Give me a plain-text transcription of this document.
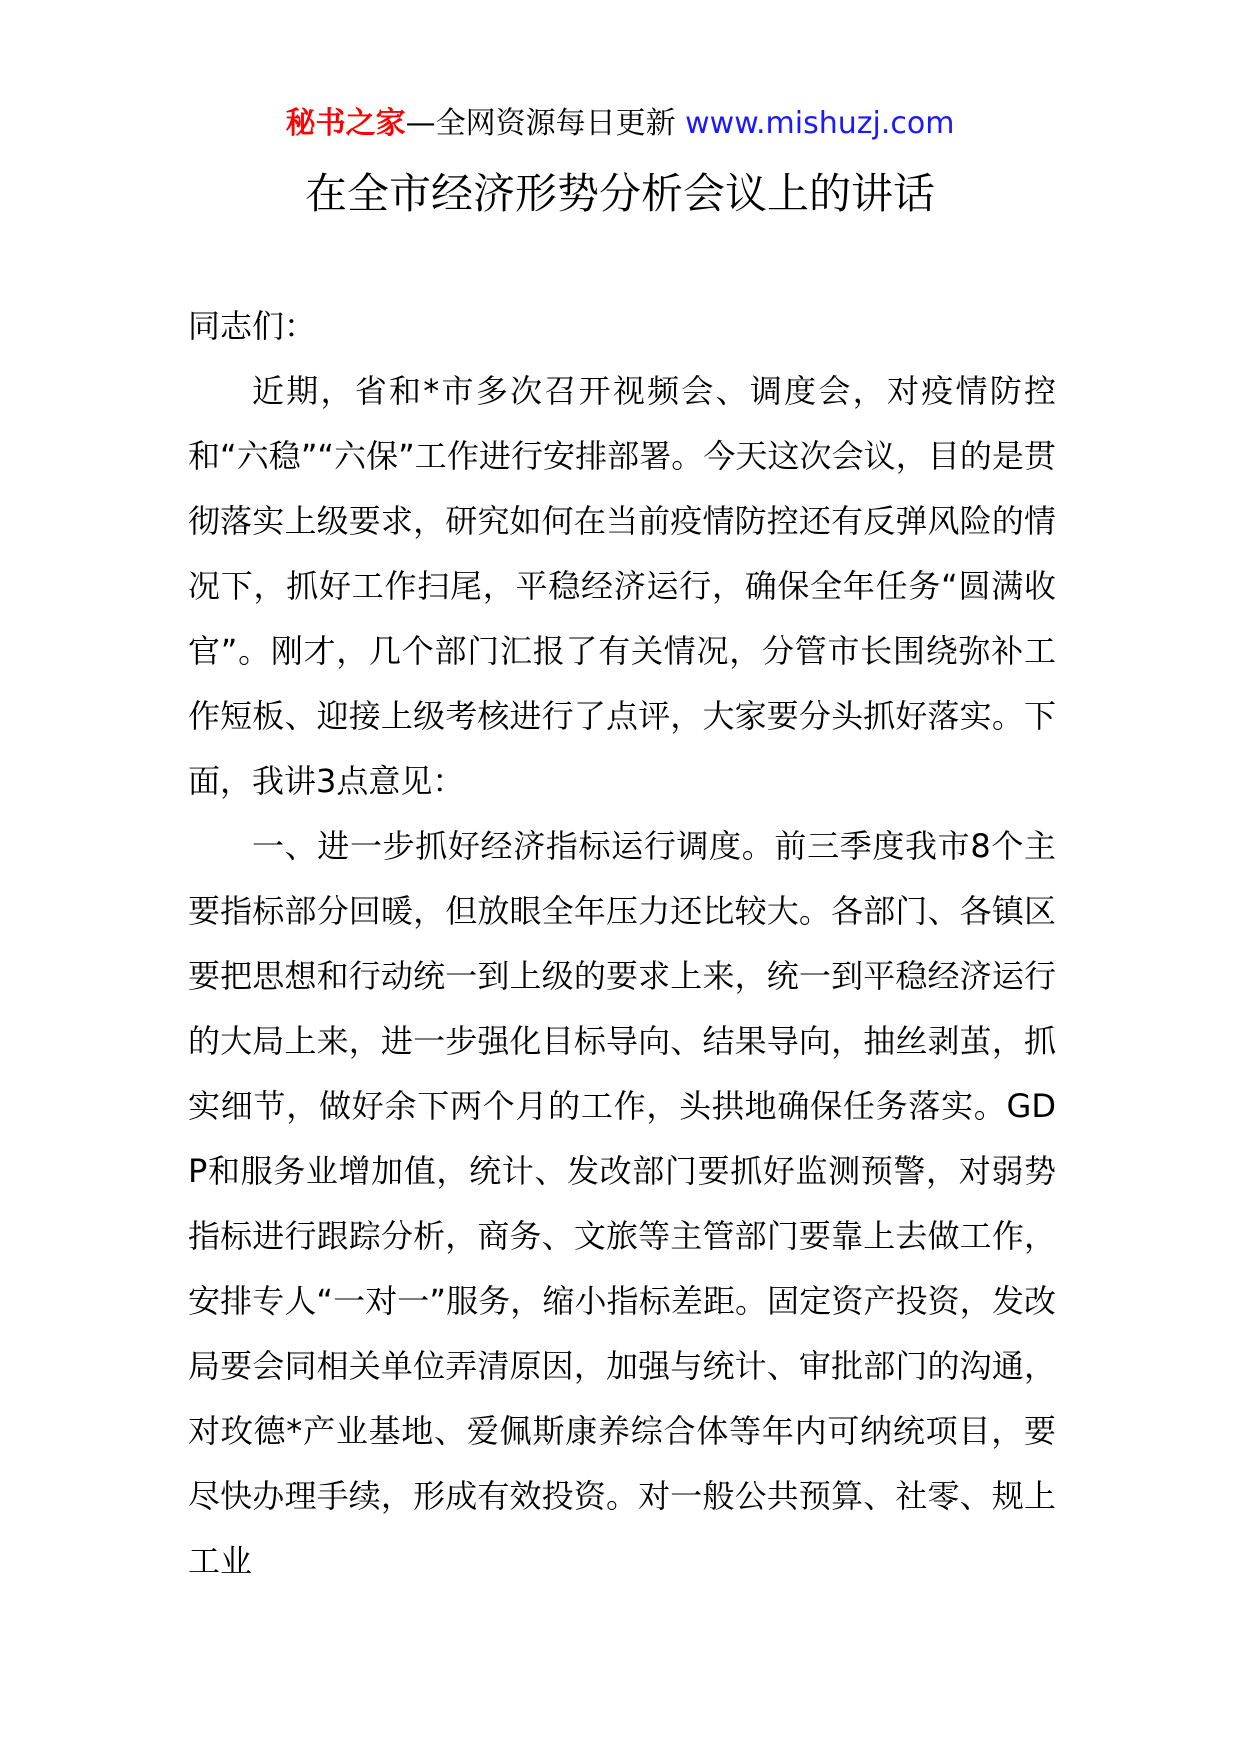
秘书之家—全网资源每日更新 www.mishuzj.com
在全市经济形势分析会议上的讲话

同志们：

近期，省和*市多次召开视频会、调度会，对疫情防控和“六稳”“六保”工作进行安排部署。今天这次会议，目的是贯彻落实上级要求，研究如何在当前疫情防控还有反弹风险的情况下，抓好工作扫尾，平稳经济运行，确保全年任务“圆满收官”。刚才，几个部门汇报了有关情况，分管市长围绕弥补工作短板、迎接上级考核进行了点评，大家要分头抓好落实。下面，我讲3点意见：

一、进一步抓好经济指标运行调度。前三季度我市8个主要指标部分回暖，但放眼全年压力还比较大。各部门、各镇区要把思想和行动统一到上级的要求上来，统一到平稳经济运行的大局上来，进一步强化目标导向、结果导向，抽丝剥茧，抓实细节，做好余下两个月的工作，头拱地确保任务落实。GDP和服务业增加值，统计、发改部门要抓好监测预警，对弱势指标进行跟踪分析，商务、文旅等主管部门要靠上去做工作，安排专人“一对一”服务，缩小指标差距。固定资产投资，发改局要会同相关单位弄清原因，加强与统计、审批部门的沟通，对玫德*产业基地、爱佩斯康养综合体等年内可纳统项目，要尽快办理手续，形成有效投资。对一般公共预算、社零、规上工业
